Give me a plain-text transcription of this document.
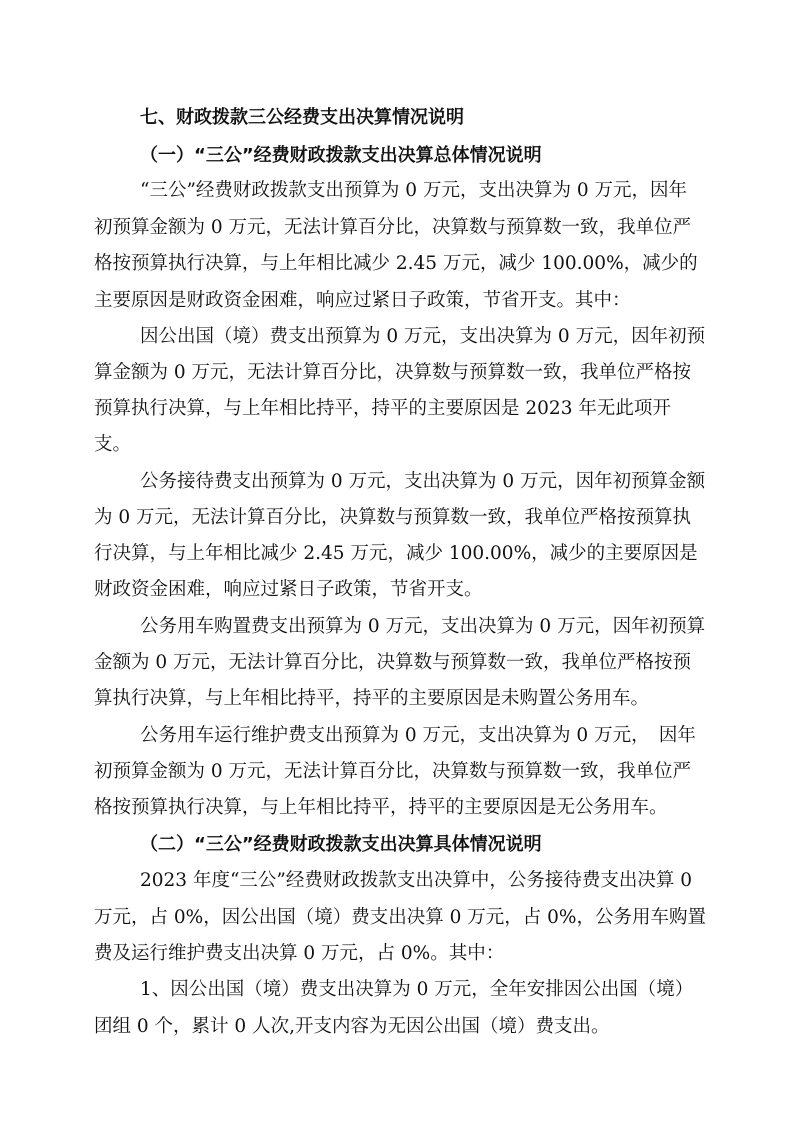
七、财政拨款三公经费支出决算情况说明
（一）“三公”经费财政拨款支出决算总体情况说明
“三公”经费财政拨款支出预算为 0 万元，支出决算为 0 万元，因年
初预算金额为 0 万元，无法计算百分比，决算数与预算数一致，我单位严
格按预算执行决算，与上年相比减少 2.45 万元，减少 100.00%，减少的
主要原因是财政资金困难，响应过紧日子政策，节省开支。其中：
因公出国（境）费支出预算为 0 万元，支出决算为 0 万元，因年初预
算金额为 0 万元，无法计算百分比，决算数与预算数一致，我单位严格按
预算执行决算，与上年相比持平，持平的主要原因是 2023 年无此项开
支。
公务接待费支出预算为 0 万元，支出决算为 0 万元，因年初预算金额
为 0 万元，无法计算百分比，决算数与预算数一致，我单位严格按预算执
行决算，与上年相比减少 2.45 万元，减少 100.00%，减少的主要原因是
财政资金困难，响应过紧日子政策，节省开支。
公务用车购置费支出预算为 0 万元，支出决算为 0 万元，因年初预算
金额为 0 万元，无法计算百分比，决算数与预算数一致，我单位严格按预
算执行决算，与上年相比持平，持平的主要原因是未购置公务用车。
公务用车运行维护费支出预算为 0 万元，支出决算为 0 万元，　因年
初预算金额为 0 万元，无法计算百分比，决算数与预算数一致，我单位严
格按预算执行决算，与上年相比持平，持平的主要原因是无公务用车。
（二）“三公”经费财政拨款支出决算具体情况说明
2023 年度“三公”经费财政拨款支出决算中，公务接待费支出决算 0
万元，占 0%，因公出国（境）费支出决算 0 万元，占 0%，公务用车购置
费及运行维护费支出决算 0 万元，占 0%。其中：
1、因公出国（境）费支出决算为 0 万元，全年安排因公出国（境）
团组 0 个，累计 0 人次,开支内容为无因公出国（境）费支出。
